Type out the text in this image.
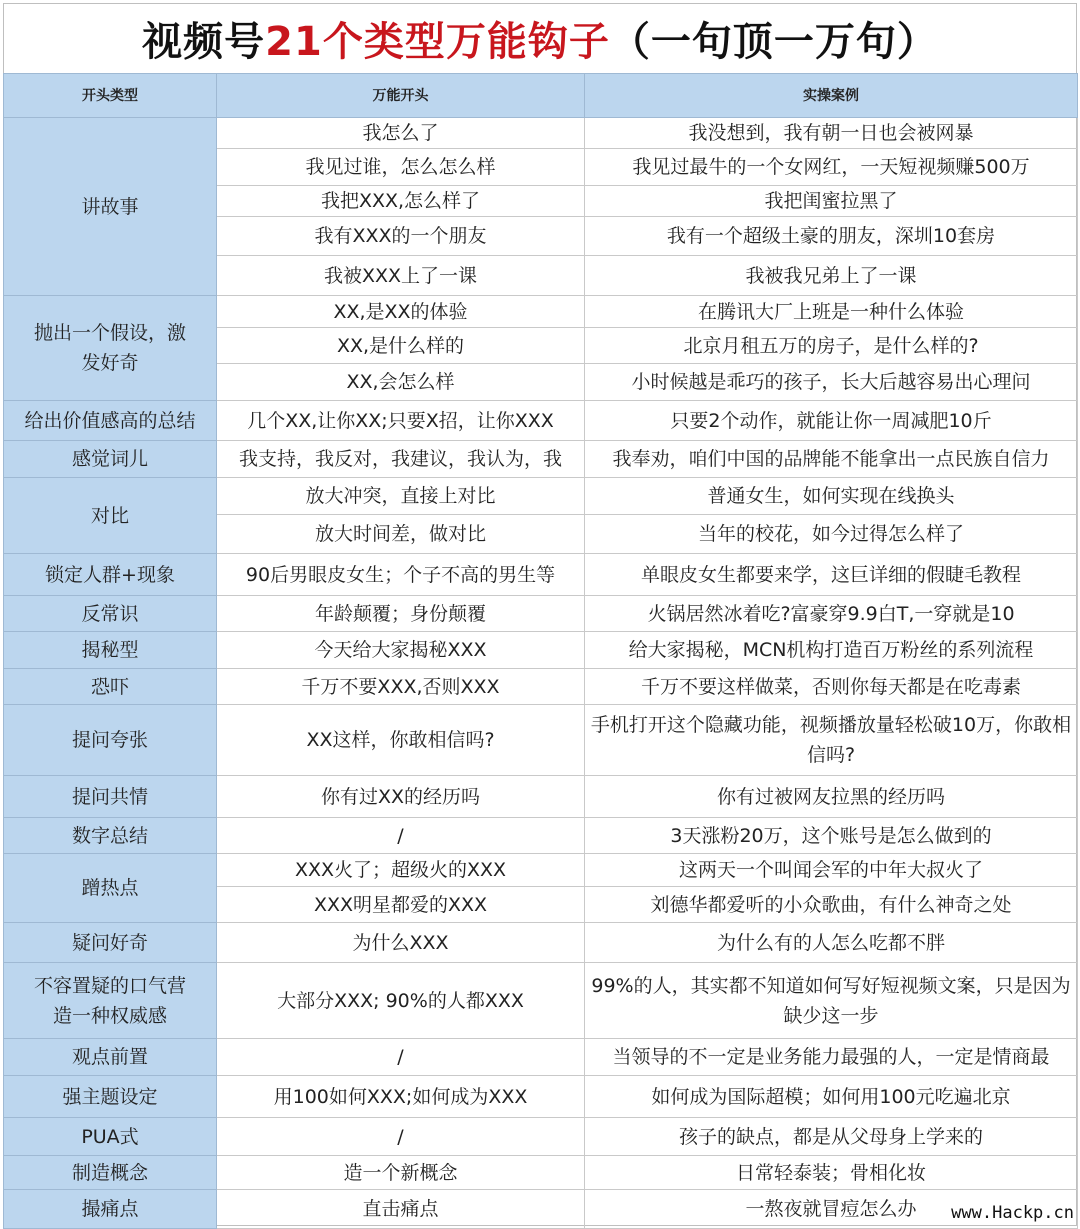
视频号 21个类型万能钩子 （一句顶一万句）
开头类型	万能开头	实操案例
讲故事	我怎么了	我没想到，我有朝一日也会被网暴
	我见过谁，怎么怎么样	我见过最牛的一个女网红，一天短视频赚500万
	我把XXX,怎么样了	我把闺蜜拉黑了
	我有XXX的一个朋友	我有一个超级土豪的朋友，深圳10套房
	我被XXX上了一课	我被我兄弟上了一课
抛出一个假设，激发好奇	XX,是XX的体验	在腾讯大厂上班是一种什么体验
	XX,是什么样的	北京月租五万的房子，是什么样的?
	XX,会怎么样	小时候越是乖巧的孩子，长大后越容易出心理问
给出价值感高的总结	几个XX,让你XX;只要X招，让你XXX	只要2个动作，就能让你一周减肥10斤
感觉词儿	我支持，我反对，我建议，我认为，我	我奉劝，咱们中国的品牌能不能拿出一点民族自信力
对比	放大冲突，直接上对比	普通女生，如何实现在线换头
	放大时间差，做对比	当年的校花，如今过得怎么样了
锁定人群+现象	90后男眼皮女生；个子不高的男生等	单眼皮女生都要来学，这巨详细的假睫毛教程
反常识	年龄颠覆；身份颠覆	火锅居然冰着吃?富豪穿9.9白T,一穿就是10
揭秘型	今天给大家揭秘XXX	给大家揭秘，MCN机构打造百万粉丝的系列流程
恐吓	千万不要XXX,否则XXX	千万不要这样做菜，否则你每天都是在吃毒素
提问夸张	XX这样，你敢相信吗?	手机打开这个隐藏功能，视频播放量轻松破10万，你敢相信吗?
提问共情	你有过XX的经历吗	你有过被网友拉黑的经历吗
数字总结	/	3天涨粉20万，这个账号是怎么做到的
蹭热点	XXX火了；超级火的XXX	这两天一个叫闻会军的中年大叔火了
	XXX明星都爱的XXX	刘德华都爱听的小众歌曲，有什么神奇之处
疑问好奇	为什么XXX	为什么有的人怎么吃都不胖
不容置疑的口气营造一种权威感	大部分XXX; 90%的人都XXX	99%的人，其实都不知道如何写好短视频文案，只是因为缺少这一步
观点前置	/	当领导的不一定是业务能力最强的人，一定是情商最
强主题设定	用100如何XXX;如何成为XXX	如何成为国际超模；如何用100元吃遍北京
PUA式	/	孩子的缺点，都是从父母身上学来的
制造概念	造一个新概念	日常轻泰装；骨相化妆
撮痛点	直击痛点	一熬夜就冒痘怎么办 www.Hackp.cn
